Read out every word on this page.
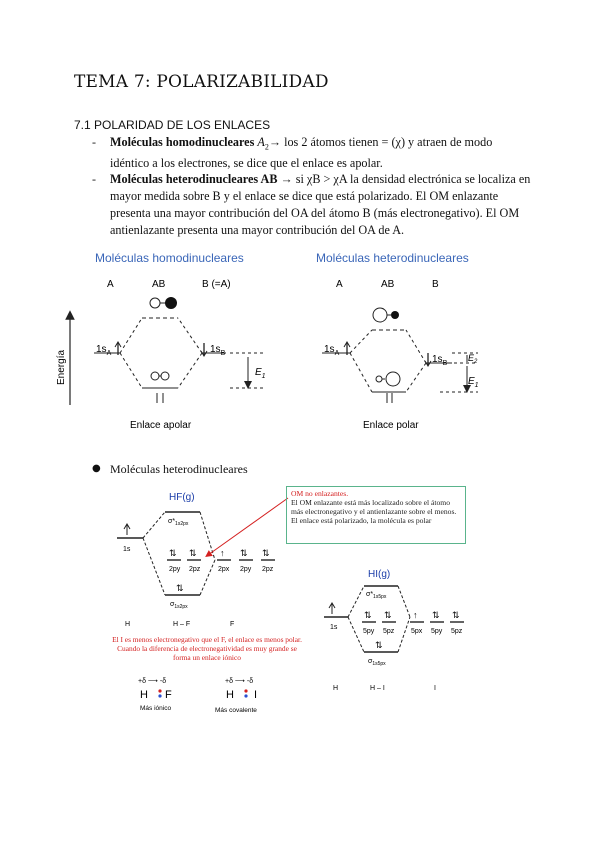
TEMA 7: POLARIZABILIDAD
7.1 POLARIDAD DE LOS ENLACES
- Moléculas homodinucleares $A_2\to$ los 2 átomos tienen = (χ) y atraen de modo
idéntico a los electrones, se dice que el enlace es apolar.
- Moléculas heterodinucleares AB → si χB > χA la densidad electrónica se localiza en
mayor medida sobre B y el enlace se dice que está polarizado. El OM enlazante
presenta una mayor contribución del OA del átomo B (más electronegativo). El OM
antienlazante presenta una mayor contribución del OA de A.
Moléculas homodinucleares	Moléculas heterodinucleares
A	AB	B (=A)	A	AB	B
Energía
$1s_A$	$1s_B$
$E_1$
Enlace apolar
$1s_A$
$1s_B$
$E_2$
$E_1$
Enlace polar
● Moléculas heterodinucleares
HF(g)
$\sigma*_{1s2px}$
1s	⇅ ⇅
2py 2pz
↑ ⇅ ⇅
2px 2py 2pz
⇅
$\sigma_{1s2px}$
H	H – F	F
OM no enlazantes.
El OM enlazante está más localizado sobre el átomo más electronegativo y el antienlazante sobre el menos. El enlace está polarizado, la molécula es polar
El I es menos electronegativo que el F, el enlace es menos polar. Cuando la diferencia de electronegatividad es muy grande se forma un enlace iónico
+δ ⟶ -δ
H F
Más iónico
+δ ⟶ -δ
H I
Más covalente
HI(g)
$\sigma*_{1s5px}$
1s
⇅ ⇅
5py 5pz
↑ ⇅ ⇅
5px 5py 5pz
⇅
$\sigma_{1s5px}$
H	H – I	I
